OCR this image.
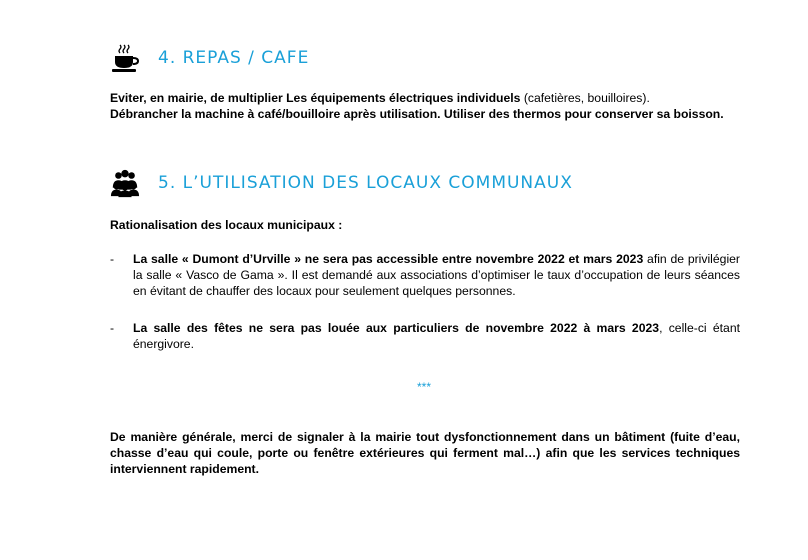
4. REPAS / CAFE
Eviter, en mairie, de multiplier Les équipements électriques individuels (cafetières, bouilloires).
Débrancher la machine à café/bouilloire après utilisation. Utiliser des thermos pour conserver sa boisson.
5. L’UTILISATION DES LOCAUX COMMUNAUX
Rationalisation des locaux municipaux :
- La salle « Dumont d’Urville » ne sera pas accessible entre novembre 2022 et mars 2023 afin de privilégier la salle « Vasco de Gama ». Il est demandé aux associations d’optimiser le taux d’occupation de leurs séances en évitant de chauffer des locaux pour seulement quelques personnes.
- La salle des fêtes ne sera pas louée aux particuliers de novembre 2022 à mars 2023, celle-ci étant énergivore.
***
De manière générale, merci de signaler à la mairie tout dysfonctionnement dans un bâtiment (fuite d’eau, chasse d’eau qui coule, porte ou fenêtre extérieures qui ferment mal…) afin que les services techniques interviennent rapidement.
